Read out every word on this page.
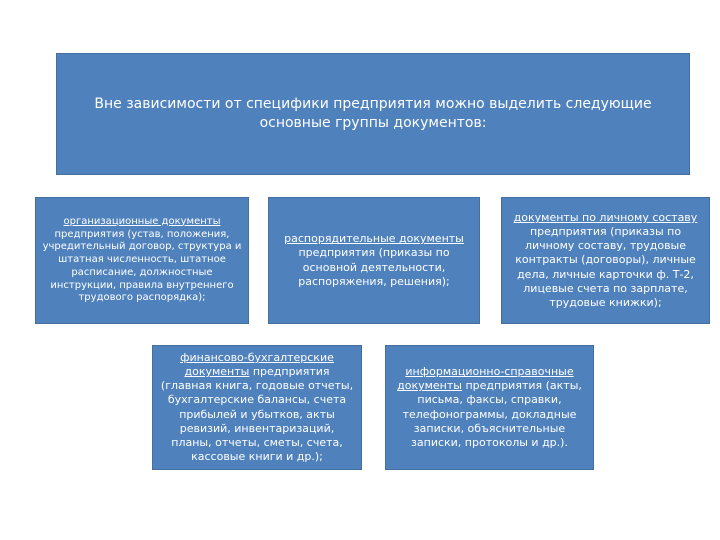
Вне зависимости от специфики предприятия можно выделить следующие
основные группы документов:
организационные документы предприятия (устав, положения, учредительный договор, структура и штатная численность, штатное расписание, должностные инструкции, правила внутреннего трудового распорядка);
распорядительные документы предприятия (приказы по основной деятельности, распоряжения, решения);
документы по личному составу предприятия (приказы по личному составу, трудовые контракты (договоры), личные дела, личные карточки ф. Т-2, лицевые счета по зарплате, трудовые книжки);
финансово-бухгалтерские документы предприятия (главная книга, годовые отчеты, бухгалтерские балансы, счета прибылей и убытков, акты ревизий, инвентаризаций, планы, отчеты, сметы, счета, кассовые книги и др.);
информационно-справочные документы предприятия (акты, письма, факсы, справки, телефонограммы, докладные записки, объяснительные записки, протоколы и др.).
